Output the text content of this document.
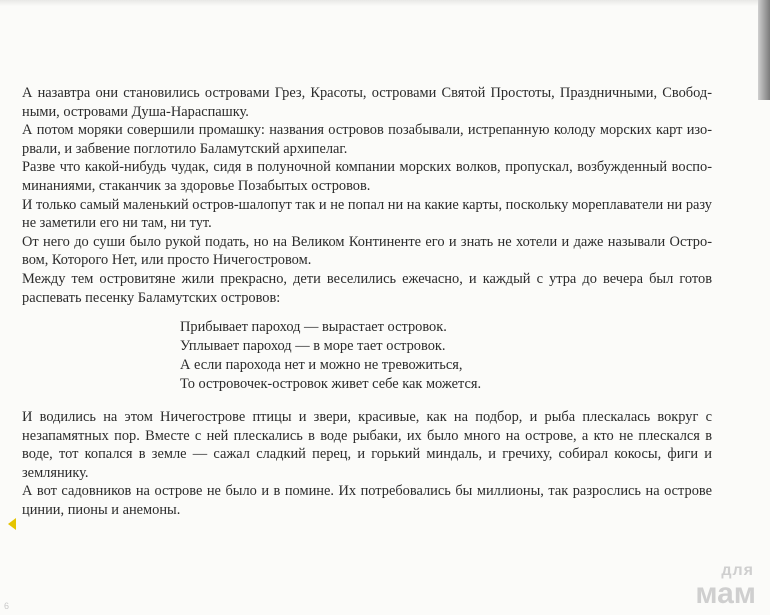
А назавтра они становились островами Грез, Красоты, островами Святой Простоты, Праздничными, Свободными, островами Душа-Нараспашку.

А потом моряки совершили промашку: названия островов позабывали, истрепанную колоду морских карт изорвали, и забвение поглотило Баламутский архипелаг.

Разве что какой-нибудь чудак, сидя в полуночной компании морских волков, пропускал, возбужденный воспоминаниями, стаканчик за здоровье Позабытых островов.

И только самый маленький остров-шалопут так и не попал ни на какие карты, поскольку мореплаватели ни разу не заметили его ни там, ни тут.

От него до суши было рукой подать, но на Великом Континенте его и знать не хотели и даже называли Островом, Которого Нет, или просто Ничегостровом.

Между тем островитяне жили прекрасно, дети веселились ежечасно, и каждый с утра до вечера был готов распевать песенку Баламутских островов:

Прибывает пароход — вырастает островок.
Уплывает пароход — в море тает островок.
А если парохода нет и можно не тревожиться,
То островочек-островок живет себе как можется.

И водились на этом Ничегострове птицы и звери, красивые, как на подбор, и рыба плескалась вокруг с незапамятных пор. Вместе с ней плескались в воде рыбаки, их было много на острове, а кто не плескался в воде, тот копался в земле — сажал сладкий перец, и горький миндаль, и гречиху, собирал кокосы, фиги и землянику.

А вот садовников на острове не было и в помине. Их потребовались бы миллионы, так разрослись на острове цинии, пионы и анемоны.

для
мам
6
